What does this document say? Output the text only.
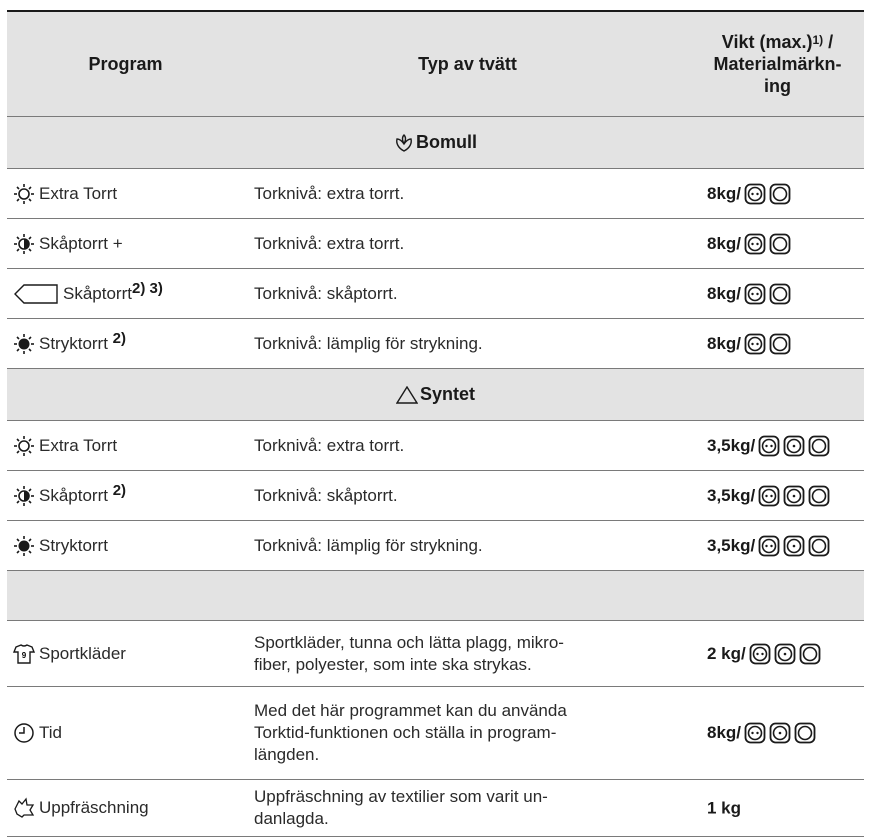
Program	Typ av tvätt	Vikt $(\max.)^{1)}$ /
Materialmärkn-
ing

Bomull		

Extra Torrt	Torknivå: extra torrt.	8kg/

Skåptorrt +	Torknivå: extra torrt.	8kg/

Skåptorrt2) 3)	Torknivå: skåptorrt.	8kg/

Stryktorrt 2)	Torknivå: lämplig för strykning.	8kg/

Syntet		

Extra Torrt	Torknivå: extra torrt.	3,5kg/

Skåptorrt 2)	Torknivå: skåptorrt.	3,5kg/

Stryktorrt	Torknivå: lämplig för strykning.	3,5kg/

9 Sportkläder	Sportkläder, tunna och lätta plagg, mikro-
fiber, polyester, som inte ska strykas.	2 kg/

Tid	Med det här programmet kan du använda
Torktid-funktionen och ställa in program-
längden.	8kg/

Uppfräschning	Uppfräschning av textilier som varit un-
danlagda.	1 kg
